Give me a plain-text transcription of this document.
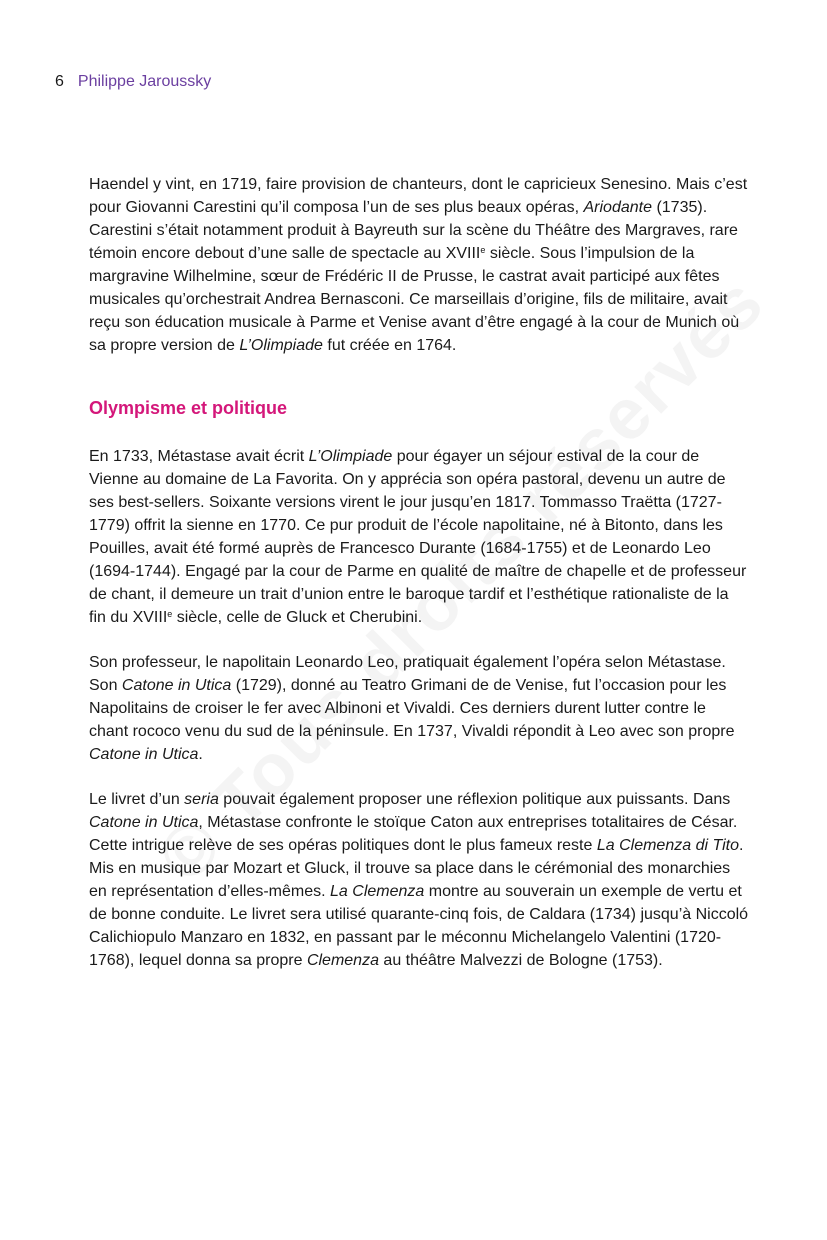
6 Philippe Jaroussky

Haendel y vint, en 1719, faire provision de chanteurs, dont le capricieux Senesino. Mais c’est pour Giovanni Carestini qu’il composa l’un de ses plus beaux opéras, Ariodante (1735). Carestini s’était notamment produit à Bayreuth sur la scène du Théâtre des Margraves, rare témoin encore debout d’une salle de spectacle au XVIIIe siècle. Sous l’impulsion de la margravine Wilhelmine, sœur de Frédéric II de Prusse, le castrat avait participé aux fêtes musicales qu’orchestrait Andrea Bernasconi. Ce marseillais d’origine, fils de militaire, avait reçu son éducation musicale à Parme et Venise avant d’être engagé à la cour de Munich où sa propre version de L’Olimpiade fut créée en 1764.

Olympisme et politique

En 1733, Métastase avait écrit L’Olimpiade pour égayer un séjour estival de la cour de Vienne au domaine de La Favorita. On y apprécia son opéra pastoral, devenu un autre de ses best-sellers. Soixante versions virent le jour jusqu’en 1817. Tommasso Traëtta (1727-1779) offrit la sienne en 1770. Ce pur produit de l’école napolitaine, né à Bitonto, dans les Pouilles, avait été formé auprès de Francesco Durante (1684-1755) et de Leonardo Leo (1694-1744). Engagé par la cour de Parme en qualité de maître de chapelle et de professeur de chant, il demeure un trait d’union entre le baroque tardif et l’esthétique rationaliste de la fin du XVIIIe siècle, celle de Gluck et Cherubini.

Son professeur, le napolitain Leonardo Leo, pratiquait également l’opéra selon Métastase. Son Catone in Utica (1729), donné au Teatro Grimani de de Venise, fut l’occasion pour les Napolitains de croiser le fer avec Albinoni et Vivaldi. Ces derniers durent lutter contre le chant rococo venu du sud de la péninsule. En 1737, Vivaldi répondit à Leo avec son propre Catone in Utica.

Le livret d’un seria pouvait également proposer une réflexion politique aux puissants. Dans Catone in Utica, Métastase confronte le stoïque Caton aux entreprises totalitaires de César. Cette intrigue relève de ses opéras politiques dont le plus fameux reste La Clemenza di Tito. Mis en musique par Mozart et Gluck, il trouve sa place dans le cérémonial des monarchies en représentation d’elles-mêmes. La Clemenza montre au souverain un exemple de vertu et de bonne conduite. Le livret sera utilisé quarante-cinq fois, de Caldara (1734) jusqu’à Niccoló Calichiopulo Manzaro en 1832, en passant par le méconnu Michelangelo Valentini (1720-1768), lequel donna sa propre Clemenza au théâtre Malvezzi de Bologne (1753).
